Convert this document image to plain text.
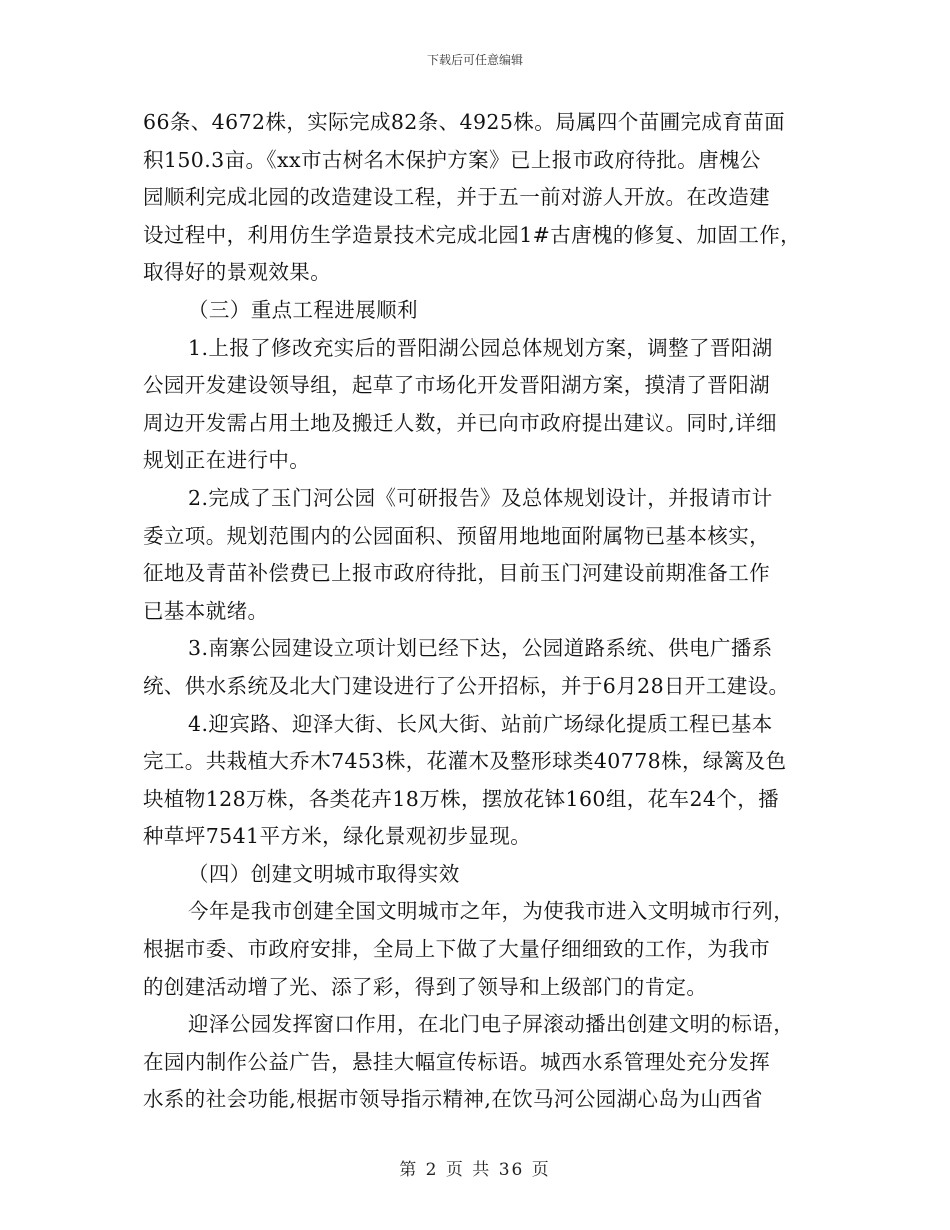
下载后可任意编辑
66条、4672株，实际完成82条、4925株。局属四个苗圃完成育苗面
积150.3亩。《xx市古树名木保护方案》已上报市政府待批。唐槐公
园顺利完成北园的改造建设工程，并于五一前对游人开放。在改造建
设过程中，利用仿生学造景技术完成北园1#古唐槐的修复、加固工作，
取得好的景观效果。
（三）重点工程进展顺利
1.上报了修改充实后的晋阳湖公园总体规划方案，调整了晋阳湖
公园开发建设领导组，起草了市场化开发晋阳湖方案，摸清了晋阳湖
周边开发需占用土地及搬迁人数，并已向市政府提出建议。同时,详细
规划正在进行中。
2.完成了玉门河公园《可研报告》及总体规划设计，并报请市计
委立项。规划范围内的公园面积、预留用地地面附属物已基本核实，
征地及青苗补偿费已上报市政府待批，目前玉门河建设前期准备工作
已基本就绪。
3.南寨公园建设立项计划已经下达，公园道路系统、供电广播系
统、供水系统及北大门建设进行了公开招标，并于6月28日开工建设。
4.迎宾路、迎泽大街、长风大街、站前广场绿化提质工程已基本
完工。共栽植大乔木7453株，花灌木及整形球类40778株，绿篱及色
块植物128万株，各类花卉18万株，摆放花钵160组，花车24个，播
种草坪7541平方米，绿化景观初步显现。
（四）创建文明城市取得实效
今年是我市创建全国文明城市之年，为使我市进入文明城市行列，
根据市委、市政府安排，全局上下做了大量仔细细致的工作，为我市
的创建活动增了光、添了彩，得到了领导和上级部门的肯定。
迎泽公园发挥窗口作用，在北门电子屏滚动播出创建文明的标语，
在园内制作公益广告，悬挂大幅宣传标语。城西水系管理处充分发挥
水系的社会功能,根据市领导指示精神,在饮马河公园湖心岛为山西省
第 2 页 共 36 页
